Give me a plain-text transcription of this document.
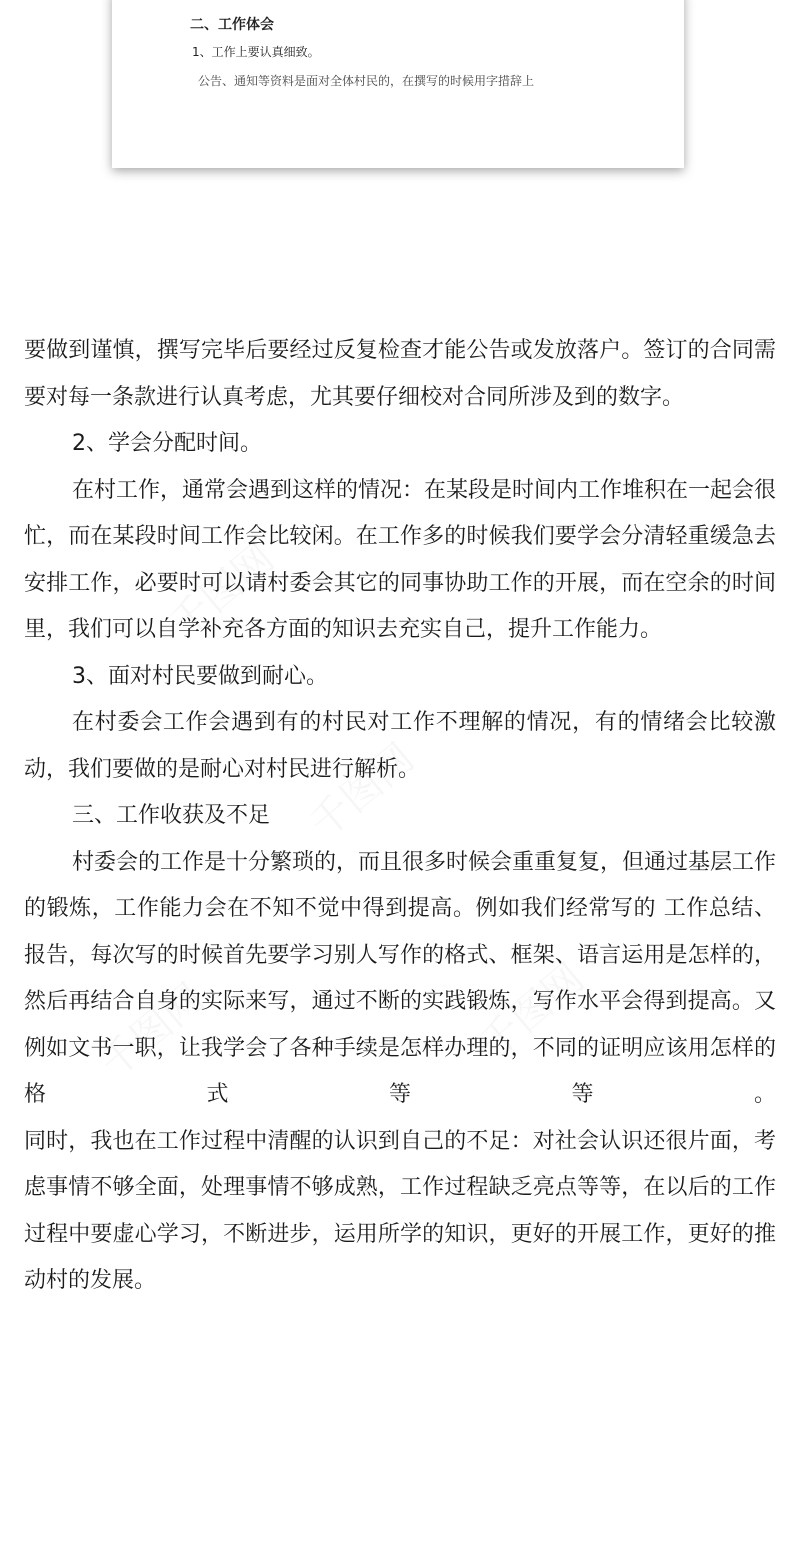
二、工作体会
1、工作上要认真细致。
公告、通知等资料是面对全体村民的，在撰写的时候用字措辞上

要做到谨慎，撰写完毕后要经过反复检查才能公告或发放落户。签订的合同需要对每一条款进行认真考虑，尤其要仔细校对合同所涉及到的数字。

2、学会分配时间。

在村工作，通常会遇到这样的情况：在某段是时间内工作堆积在一起会很忙，而在某段时间工作会比较闲。在工作多的时候我们要学会分清轻重缓急去安排工作，必要时可以请村委会其它的同事协助工作的开展，而在空余的时间里，我们可以自学补充各方面的知识去充实自己，提升工作能力。

3、面对村民要做到耐心。

在村委会工作会遇到有的村民对工作不理解的情况，有的情绪会比较激动，我们要做的是耐心对村民进行解析。

三、工作收获及不足

村委会的工作是十分繁琐的，而且很多时候会重重复复，但通过基层工作的锻炼，工作能力会在不知不觉中得到提高。例如我们经常写的 工作总结、报告，每次写的时候首先要学习别人写作的格式、框架、语言运用是怎样的，然后再结合自身的实际来写，通过不断的实践锻炼，写作水平会得到提高。又例如文书一职，让我学会了各种手续是怎样办理的，不同的证明应该用怎样的格式等等。

同时，我也在工作过程中清醒的认识到自己的不足：对社会认识还很片面，考虑事情不够全面，处理事情不够成熟，工作过程缺乏亮点等等，在以后的工作过程中要虚心学习，不断进步，运用所学的知识，更好的开展工作，更好的推动村的发展。
